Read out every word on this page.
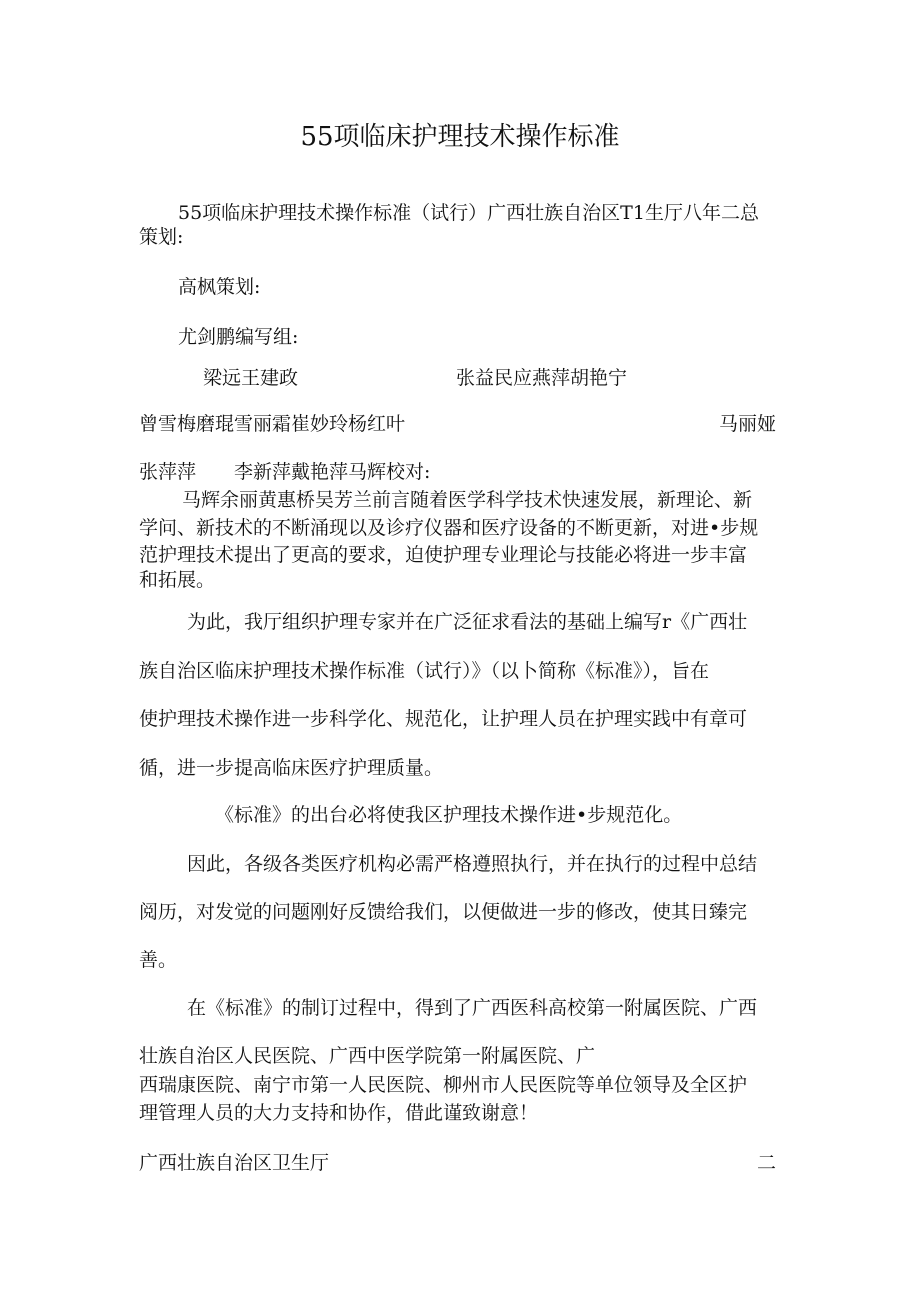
55项临床护理技术操作标准
55项临床护理技术操作标准（试行）广西壮族自治区T1生厅八年二总
策划:
高枫策划:
尤剑鹏编写组:
梁远王建政	张益民应燕萍胡艳宁
曾雪梅磨琨雪丽霜崔妙玲杨红叶	马丽娅
张萍萍 李新萍戴艳萍马辉校对:
马辉余丽黄惠桥吴芳兰前言随着医学科学技术快速发展，新理论、新
学问、新技术的不断涌现以及诊疗仪器和医疗设备的不断更新，对进•步规
范护理技术提出了更高的要求，迫使护理专业理论与技能必将进一步丰富
和拓展。
为此，我厅组织护理专家并在广泛征求看法的基础上编写r《广西壮
族自治区临床护理技术操作标准（试行）》（以卜简称《标准》），旨在
使护理技术操作进一步科学化、规范化，让护理人员在护理实践中有章可
循，进一步提高临床医疗护理质量。
《标准》的出台必将使我区护理技术操作进•步规范化。
因此，各级各类医疗机构必需严格遵照执行，并在执行的过程中总结
阅历，对发觉的问题刚好反馈给我们，以便做进一步的修改，使其日臻完
善。
在《标准》的制订过程中，得到了广西医科高校第一附属医院、广西
壮族自治区人民医院、广西中医学院第一附属医院、广
西瑞康医院、南宁市第一人民医院、柳州市人民医院等单位领导及全区护
理管理人员的大力支持和协作，借此谨致谢意！
广西壮族自治区卫生厅	二
